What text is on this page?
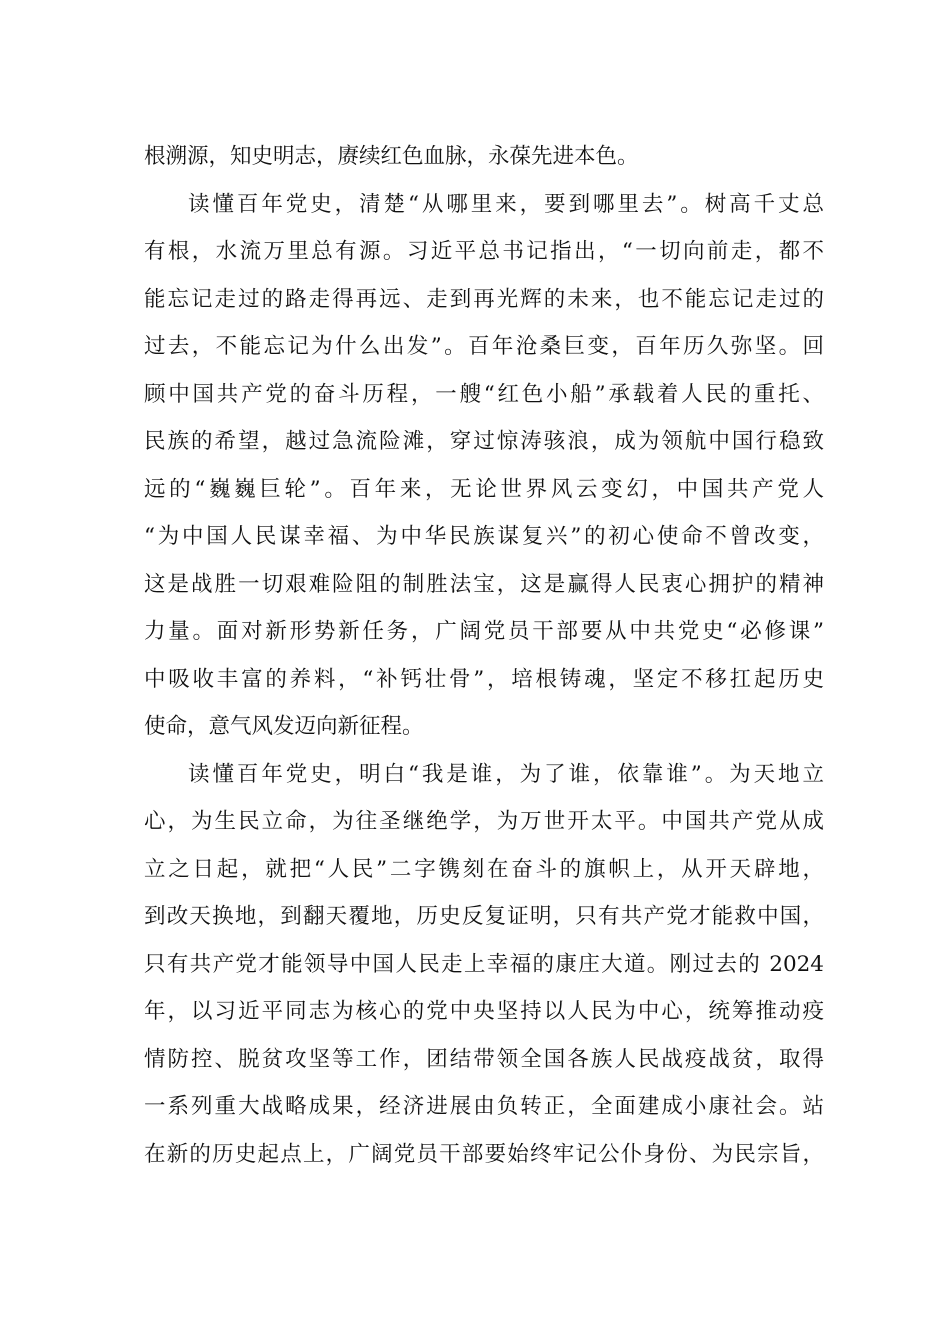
根溯源，知史明志，赓续红色血脉，永葆先进本色。
读懂百年党史，清楚“从哪里来，要到哪里去”。树高千丈总
有根，水流万里总有源。习近平总书记指出，“一切向前走，都不
能忘记走过的路走得再远、走到再光辉的未来，也不能忘记走过的
过去，不能忘记为什么出发”。百年沧桑巨变，百年历久弥坚。回
顾中国共产党的奋斗历程，一艘“红色小船”承载着人民的重托、
民族的希望，越过急流险滩，穿过惊涛骇浪，成为领航中国行稳致
远的“巍巍巨轮”。百年来，无论世界风云变幻，中国共产党人
“为中国人民谋幸福、为中华民族谋复兴”的初心使命不曾改变，
这是战胜一切艰难险阻的制胜法宝，这是赢得人民衷心拥护的精神
力量。面对新形势新任务，广阔党员干部要从中共党史“必修课”
中吸收丰富的养料，“补钙壮骨”，培根铸魂，坚定不移扛起历史
使命，意气风发迈向新征程。
读懂百年党史，明白“我是谁，为了谁，依靠谁”。为天地立
心，为生民立命，为往圣继绝学，为万世开太平。中国共产党从成
立之日起，就把“人民”二字镌刻在奋斗的旗帜上，从开天辟地，
到改天换地，到翻天覆地，历史反复证明，只有共产党才能救中国，
只有共产党才能领导中国人民走上幸福的康庄大道。刚过去的 2024
年，以习近平同志为核心的党中央坚持以人民为中心，统筹推动疫
情防控、脱贫攻坚等工作，团结带领全国各族人民战疫战贫，取得
一系列重大战略成果，经济进展由负转正，全面建成小康社会。站
在新的历史起点上，广阔党员干部要始终牢记公仆身份、为民宗旨，
